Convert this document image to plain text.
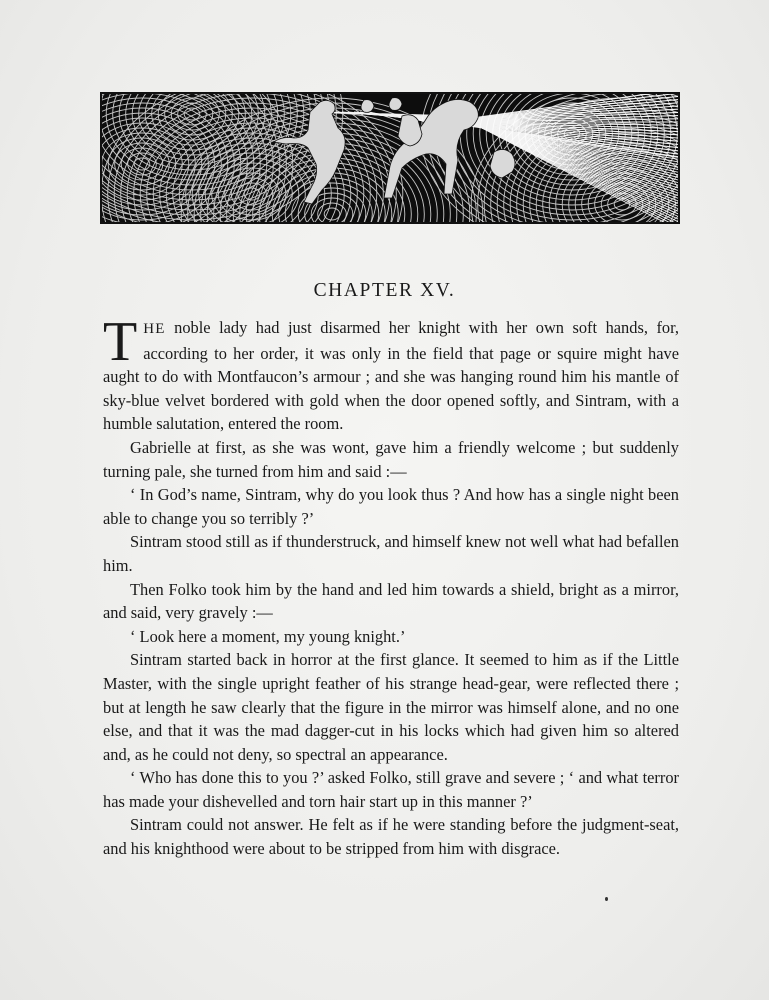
CHAPTER XV.

THE noble lady had just disarmed her knight with her own soft hands, for, according to her order, it was only in the field that page or squire might have aught to do with Montfaucon’s armour ; and she was hanging round him his mantle of sky-blue velvet bordered with gold when the door opened softly, and Sintram, with a humble salutation, entered the room.

Gabrielle at first, as she was wont, gave him a friendly welcome ; but suddenly turning pale, she turned from him and said :—

‘ In God’s name, Sintram, why do you look thus ? And how has a single night been able to change you so terribly ?’

Sintram stood still as if thunderstruck, and himself knew not well what had befallen him.

Then Folko took him by the hand and led him towards a shield, bright as a mirror, and said, very gravely :—

‘ Look here a moment, my young knight.’

Sintram started back in horror at the first glance. It seemed to him as if the Little Master, with the single upright feather of his strange head-gear, were reflected there ; but at length he saw clearly that the figure in the mirror was himself alone, and no one else, and that it was the mad dagger-cut in his locks which had given him so altered and, as he could not deny, so spectral an appearance.

‘ Who has done this to you ?’ asked Folko, still grave and severe ; ‘ and what terror has made your dishevelled and torn hair start up in this manner ?’

Sintram could not answer. He felt as if he were standing before the judgment-seat, and his knighthood were about to be stripped from him with disgrace.
